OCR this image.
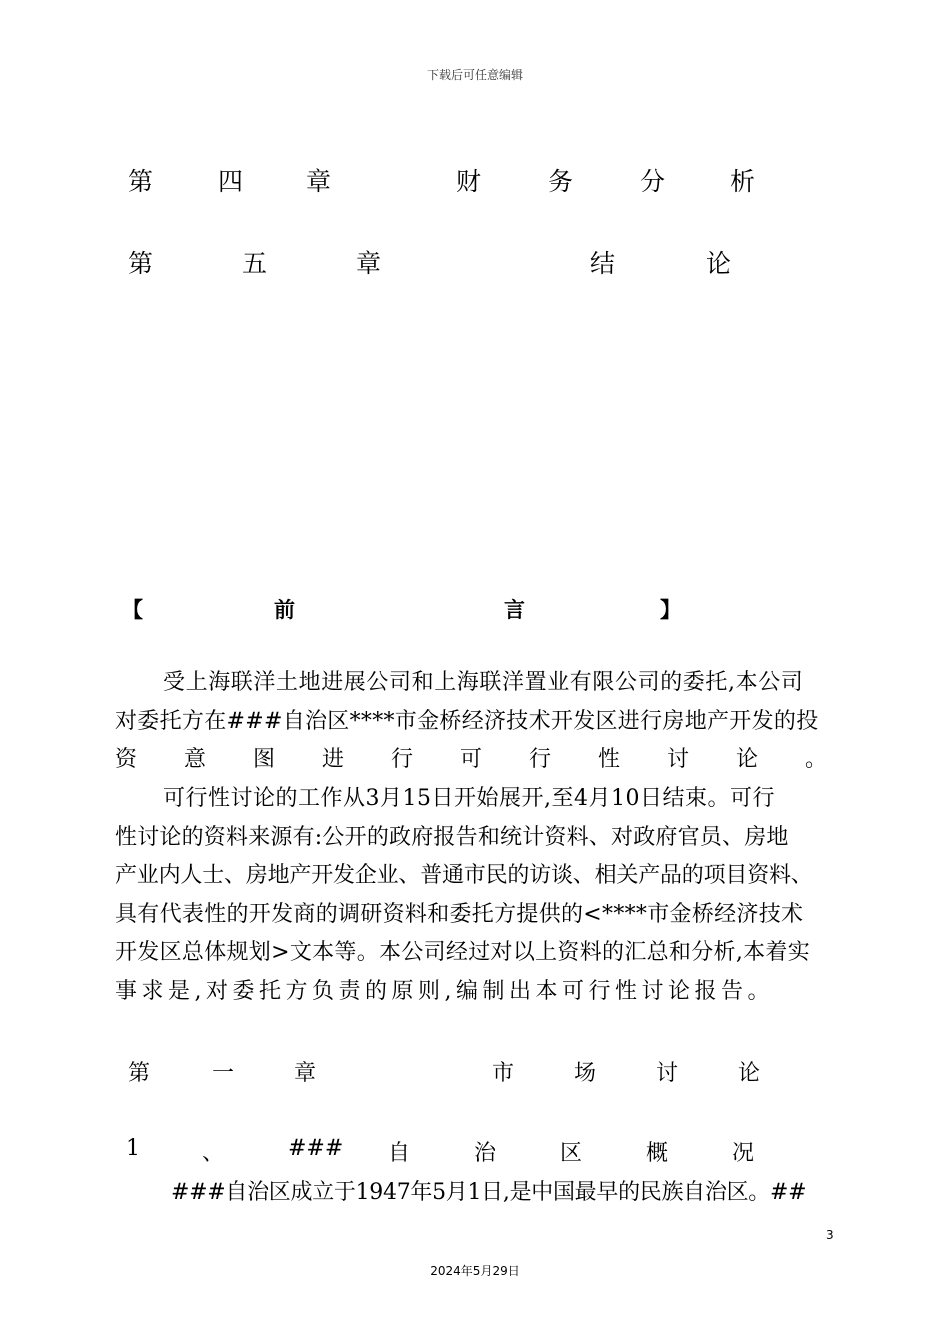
下载后可任意编辑
第	四	章	财	务	分	析
第	五	章	结	论
【	前	言	】
受上海联洋土地进展公司和上海联洋置业有限公司的委托,本公司
对委托方在###自治区****市金桥经济技术开发区进行房地产开发的投
资意图进行可行性讨论。
可行性讨论的工作从3月15日开始展开,至4月10日结束。可行
性讨论的资料来源有:公开的政府报告和统计资料、对政府官员、房地
产业内人士、房地产开发企业、普通市民的访谈、相关产品的项目资料、
具有代表性的开发商的调研资料和委托方提供的<****市金桥经济技术
开发区总体规划>文本等。本公司经过对以上资料的汇总和分析,本着实
事求是,对委托方负责的原则,编制出本可行性讨论报告。
第	一	章	市	场	讨	论
1	、	### 自	治	区	概	况
###自治区成立于1947年5月1日,是中国最早的民族自治区。##
3
2024年5月29日
